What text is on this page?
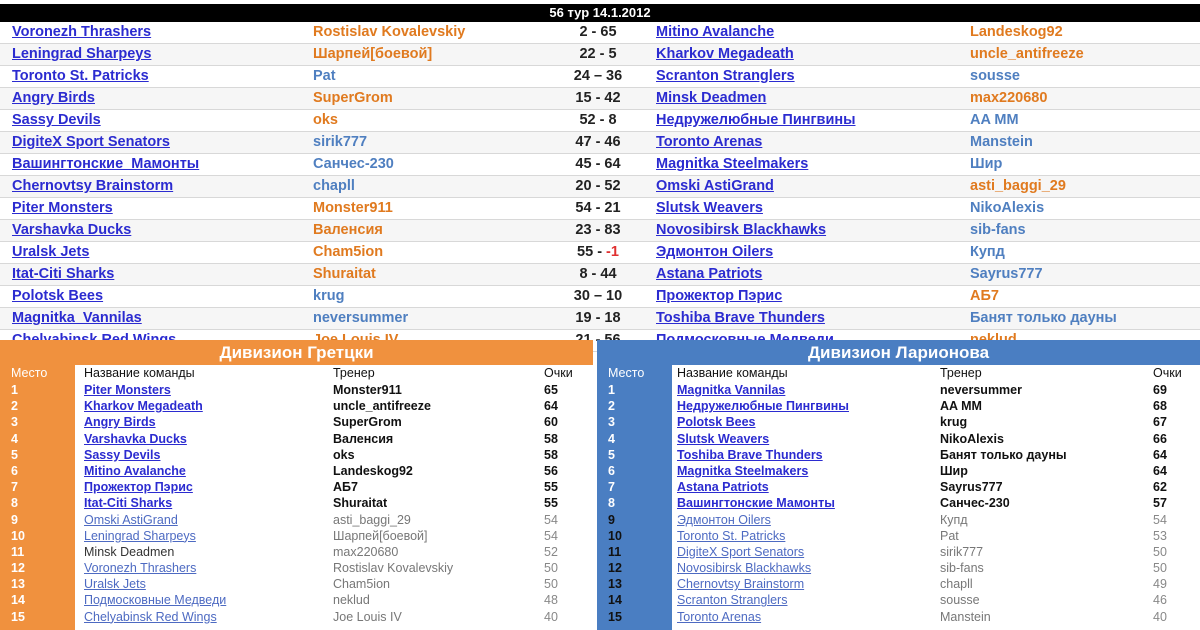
56 тур 14.1.2012
Voronezh Thrashers	Rostislav Kovalevskiy	2 - 65	Mitino Avalanche	Landeskog92
Leningrad Sharpeys	Шарпей[боевой]	22 - 5	Kharkov Megadeath	uncle_antifreeze
Toronto St. Patricks	Pat	24 – 36	Scranton Stranglers	sousse
Angry Birds	SuperGrom	15 - 42	Minsk Deadmen	max220680
Sassy Devils	oks	52 - 8	Недружелюбные Пингвины	AA MM
DigiteX Sport Senators	sirik777	47 - 46	Toronto Arenas	Manstein
Вашингтонские_Мамонты	Санчес-230	45 - 64	Magnitka Steelmakers	Шир
Chernovtsy Brainstorm	chapll	20 - 52	Omski AstiGrand	asti_baggi_29
Piter Monsters	Monster911	54 - 21	Slutsk Weavers	NikoAlexis
Varshavka Ducks	Валенсия	23 - 83	Novosibirsk Blackhawks	sib-fans
Uralsk Jets	Cham5ion	55 - -1	Эдмонтон Oilers	Купд
Itat-Citi Sharks	Shuraitat	8 - 44	Astana Patriots	Sayrus777
Polotsk Bees	krug	30 – 10	Прожектор Пэрис	АБ7
Magnitka_Vannilas	neversummer	19 - 18	Toshiba Brave Thunders	Банят только дауны
Дивизион Гретцки
Место	Название команды	Тренер	Очки
1	Piter Monsters	Monster911	65
2	Kharkov Megadeath	uncle_antifreeze	64
3	Angry Birds	SuperGrom	60
4	Varshavka Ducks	Валенсия	58
5	Sassy Devils	oks	58
6	Mitino Avalanche	Landeskog92	56
7	Прожектор Пэрис	АБ7	55
8	Itat-Citi Sharks	Shuraitat	55
9	Omski AstiGrand	asti_baggi_29	54
10	Leningrad Sharpeys	Шарпей[боевой]	54
11	Minsk Deadmen	max220680	52
12	Voronezh Thrashers	Rostislav Kovalevskiy	50
13	Uralsk Jets	Cham5ion	50
14	Подмосковные Медведи	neklud	48
15	Chelyabinsk Red Wings	Joe Louis IV	40
Дивизион Ларионова
Место	Название команды	Тренер	Очки
1	Magnitka Vannilas	neversummer	69
2	Недружелюбные Пингвины	AA MM	68
3	Polotsk Bees	krug	67
4	Slutsk Weavers	NikoAlexis	66
5	Toshiba Brave Thunders	Банят только дауны	64
6	Magnitka Steelmakers	Шир	64
7	Astana Patriots	Sayrus777	62
8	Вашингтонские Мамонты	Санчес-230	57
9	Эдмонтон Oilers	Купд	54
10	Toronto St. Patricks	Pat	53
11	DigiteX Sport Senators	sirik777	50
12	Novosibirsk Blackhawks	sib-fans	50
13	Chernovtsy Brainstorm	chapll	49
14	Scranton Stranglers	sousse	46
15	Toronto Arenas	Manstein	40
